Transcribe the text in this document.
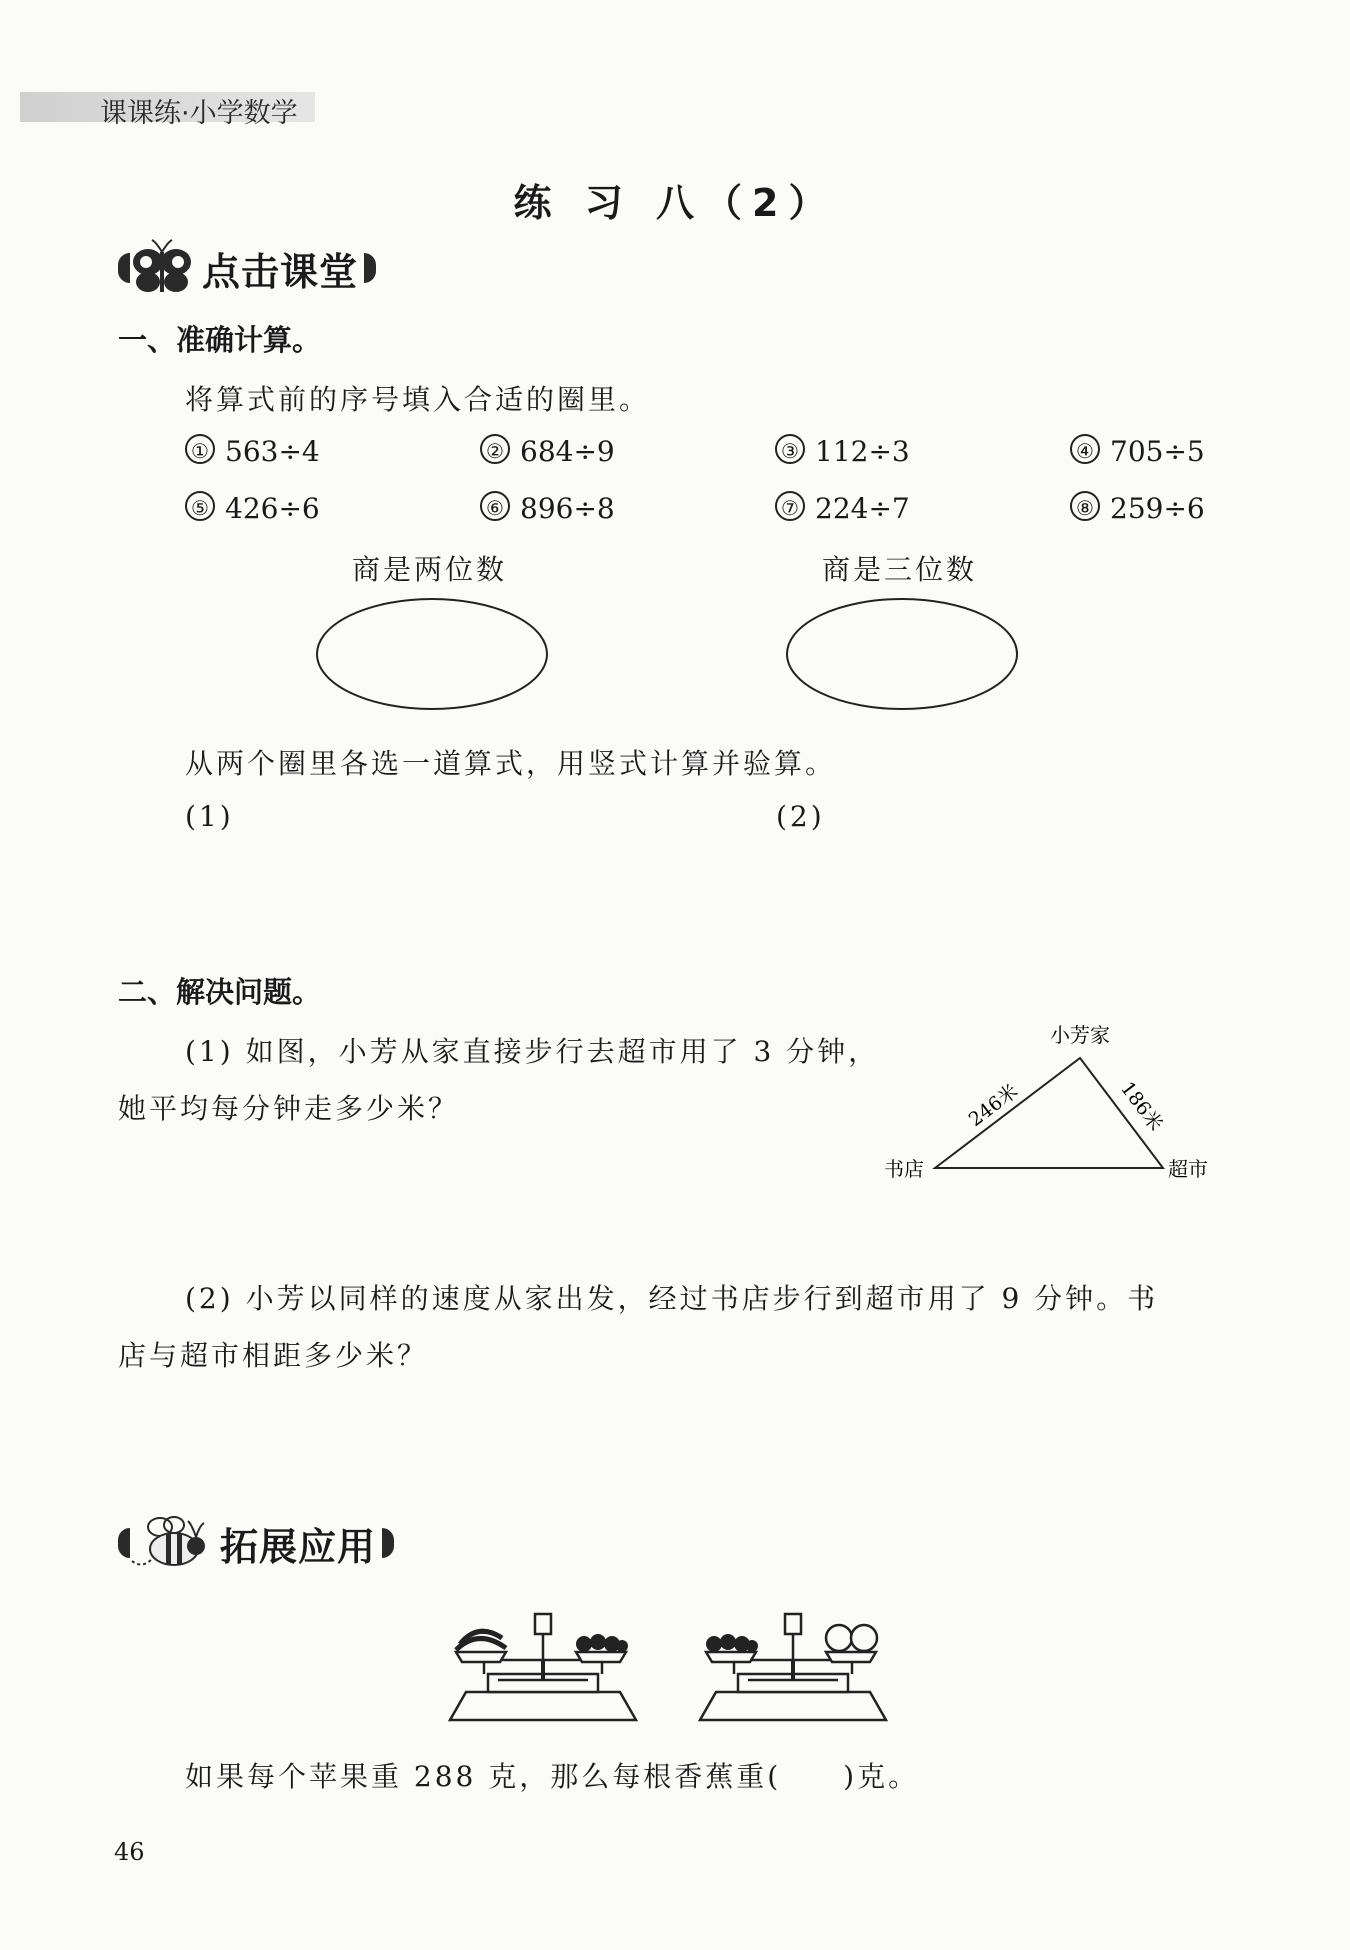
课课练·小学数学
练 习 八（2）
点击课堂
一、准确计算。
将算式前的序号填入合适的圈里。
① 563÷4	② 684÷9	③ 112÷3	④ 705÷5
⑤ 426÷6	⑥ 896÷8	⑦ 224÷7	⑧ 259÷6
商是两位数	商是三位数
从两个圈里各选一道算式，用竖式计算并验算。
(1)	(2)
二、解决问题。
(1) 如图，小芳从家直接步行去超市用了 3 分钟，
她平均每分钟走多少米？
小芳家
书店	超市
246米	186米
(2) 小芳以同样的速度从家出发，经过书店步行到超市用了 9 分钟。书
店与超市相距多少米？
拓展应用
如果每个苹果重 288 克，那么每根香蕉重(　　)克。
46
